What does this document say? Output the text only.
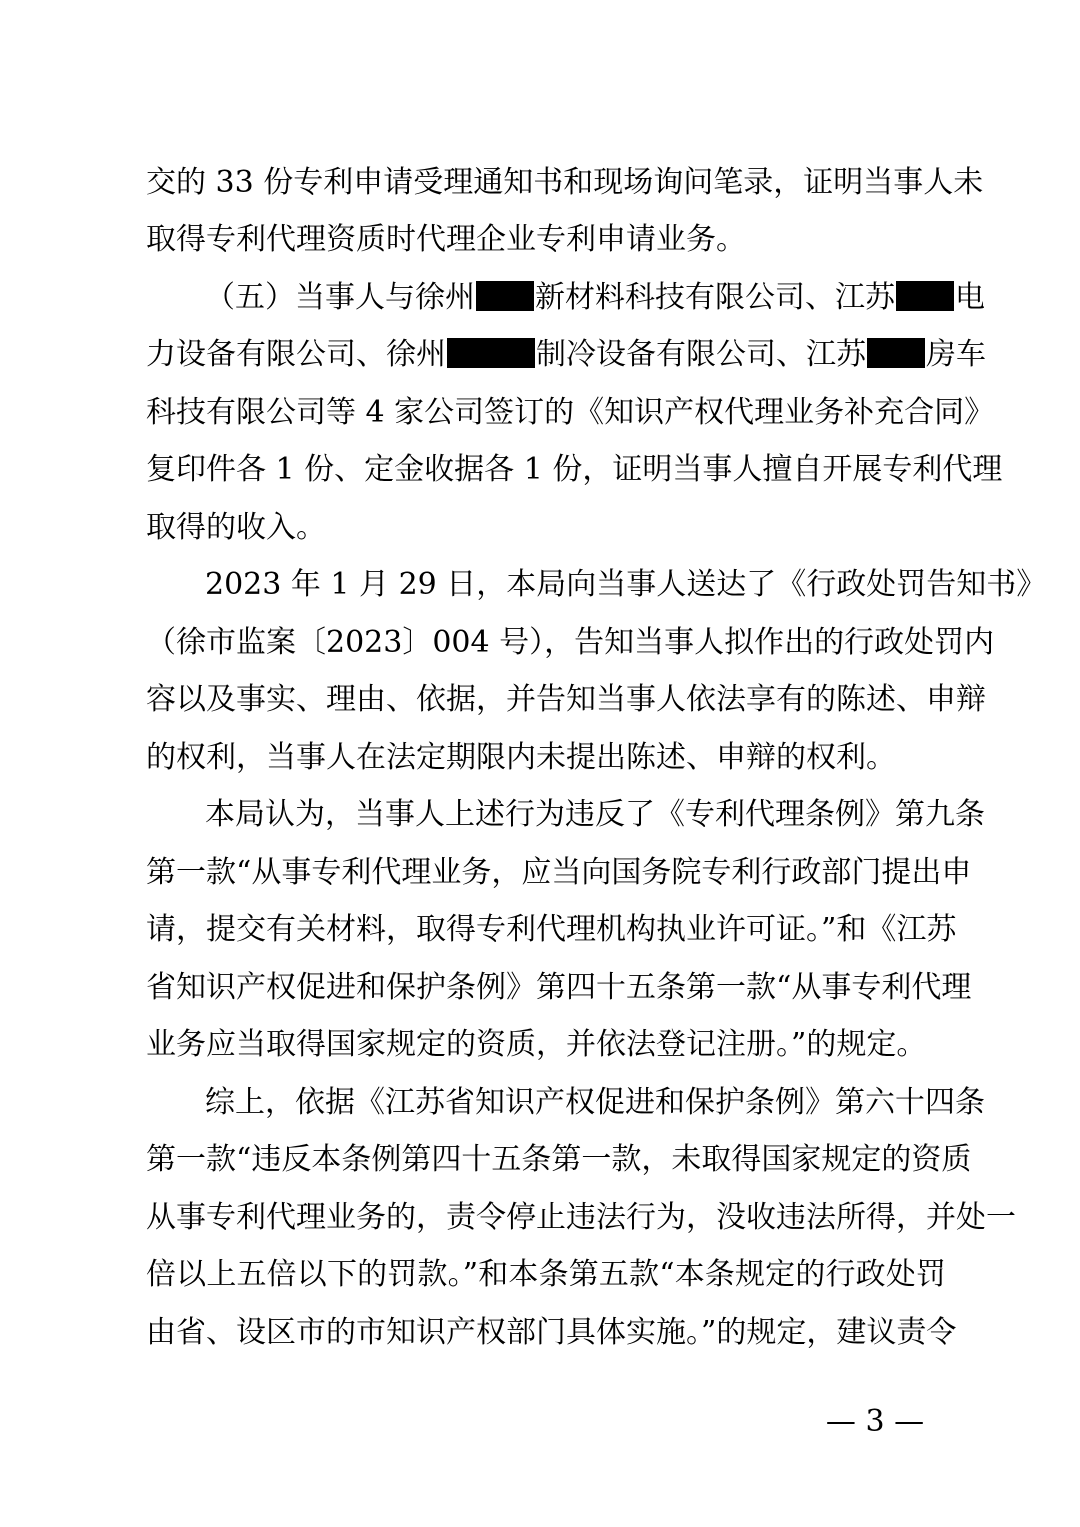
交的 33 份专利申请受理通知书和现场询问笔录，证明当事人未
取得专利代理资质时代理企业专利申请业务。
（五）当事人与徐州 新材料科技有限公司、江苏 电
力设备有限公司、徐州	制冷设备有限公司、江苏 房车
科技有限公司等 4 家公司签订的《知识产权代理业务补充合同》
复印件各 1 份、定金收据各 1 份，证明当事人擅自开展专利代理
取得的收入。
2023 年 1 月 29 日，本局向当事人送达了《行政处罚告知书》
（徐市监案〔2023〕004 号），告知当事人拟作出的行政处罚内
容以及事实、理由、依据，并告知当事人依法享有的陈述、申辩
的权利，当事人在法定期限内未提出陈述、申辩的权利。
本局认为，当事人上述行为违反了《专利代理条例》第九条
第一款“从事专利代理业务，应当向国务院专利行政部门提出申
请，提交有关材料，取得专利代理机构执业许可证。”和《江苏
省知识产权促进和保护条例》第四十五条第一款“从事专利代理
业务应当取得国家规定的资质，并依法登记注册。”的规定。
综上，依据《江苏省知识产权促进和保护条例》第六十四条
第一款“违反本条例第四十五条第一款，未取得国家规定的资质
从事专利代理业务的，责令停止违法行为，没收违法所得，并处一
倍以上五倍以下的罚款。”和本条第五款“本条规定的行政处罚
由省、设区市的市知识产权部门具体实施。”的规定，建议责令
— 3 —
